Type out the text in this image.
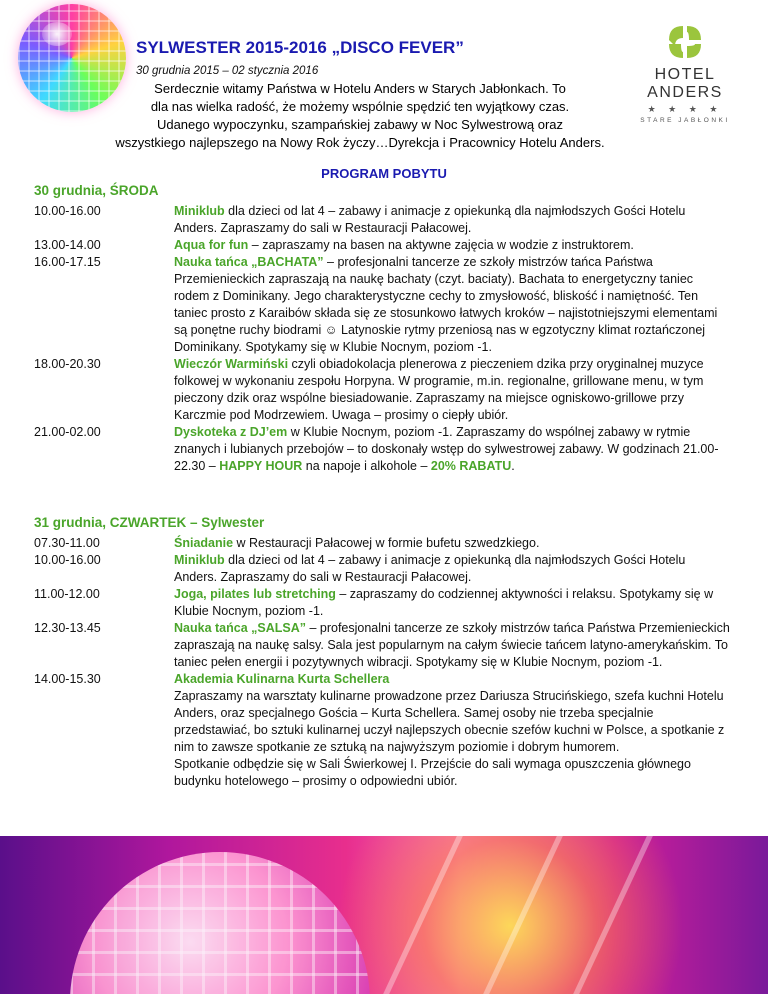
SYLWESTER 2015-2016 „DISCO FEVER”
30 grudnia 2015 – 02 stycznia 2016
Serdecznie witamy Państwa w Hotelu Anders w Starych Jabłonkach. To
dla nas wielka radość, że możemy wspólnie spędzić ten wyjątkowy czas.
Udanego wypoczynku, szampańskiej zabawy w Noc Sylwestrową oraz
wszystkiego najlepszego na Nowy Rok życzy…Dyrekcja i Pracownicy Hotelu Anders.
HOTEL ANDERS
★ ★ ★ ★
STARE JABŁONKI
PROGRAM POBYTU
30 grudnia, ŚRODA
10.00-16.00	Miniklub dla dzieci od lat 4 – zabawy i animacje z opiekunką dla najmłodszych Gości Hotelu Anders. Zapraszamy do sali w Restauracji Pałacowej.
13.00-14.00	Aqua for fun – zapraszamy na basen na aktywne zajęcia w wodzie z instruktorem.
16.00-17.15	Nauka tańca „BACHATA” – profesjonalni tancerze ze szkoły mistrzów tańca Państwa Przemienieckich zapraszają na naukę bachaty (czyt. baciaty). Bachata to energetyczny taniec rodem z Dominikany. Jego charakterystyczne cechy to zmysłowość, bliskość i namiętność. Ten taniec prosto z Karaibów składa się ze stosunkowo łatwych kroków – najistotniejszymi elementami są ponętne ruchy biodrami ☺ Latynoskie rytmy przeniosą nas w egzotyczny klimat roztańczonej Dominikany. Spotykamy się w Klubie Nocnym, poziom -1.
18.00-20.30	Wieczór Warmiński czyli obiadokolacja plenerowa z pieczeniem dzika przy oryginalnej muzyce folkowej w wykonaniu zespołu Horpyna. W programie, m.in. regionalne, grillowane menu, w tym pieczony dzik oraz wspólne biesiadowanie. Zapraszamy na miejsce ogniskowo-grillowe przy Karczmie pod Modrzewiem. Uwaga – prosimy o ciepły ubiór.
21.00-02.00	Dyskoteka z DJ’em w Klubie Nocnym, poziom -1. Zapraszamy do wspólnej zabawy w rytmie znanych i lubianych przebojów – to doskonały wstęp do sylwestrowej zabawy. W godzinach 21.00-22.30 – HAPPY HOUR na napoje i alkohole – 20% RABATU.
31 grudnia, CZWARTEK – Sylwester
07.30-11.00	Śniadanie w Restauracji Pałacowej w formie bufetu szwedzkiego.
10.00-16.00	Miniklub dla dzieci od lat 4 – zabawy i animacje z opiekunką dla najmłodszych Gości Hotelu Anders. Zapraszamy do sali w Restauracji Pałacowej.
11.00-12.00	Joga, pilates lub stretching – zapraszamy do codziennej aktywności i relaksu. Spotykamy się w Klubie Nocnym, poziom -1.
12.30-13.45	Nauka tańca „SALSA” – profesjonalni tancerze ze szkoły mistrzów tańca Państwa Przemienieckich zapraszają na naukę salsy. Sala jest popularnym na całym świecie tańcem latyno-amerykańskim. To taniec pełen energii i pozytywnych wibracji. Spotykamy się w Klubie Nocnym, poziom -1.
14.00-15.30	Akademia Kulinarna Kurta Schellera
Zapraszamy na warsztaty kulinarne prowadzone przez Dariusza Strucińskiego, szefa kuchni Hotelu Anders, oraz specjalnego Gościa – Kurta Schellera. Samej osoby nie trzeba specjalnie przedstawiać, bo sztuki kulinarnej uczył najlepszych obecnie szefów kuchni w Polsce, a spotkanie z nim to zawsze spotkanie ze sztuką na najwyższym poziomie i dobrym humorem.
Spotkanie odbędzie się w Sali Świerkowej I. Przejście do sali wymaga opuszczenia głównego budynku hotelowego – prosimy o odpowiedni ubiór.
